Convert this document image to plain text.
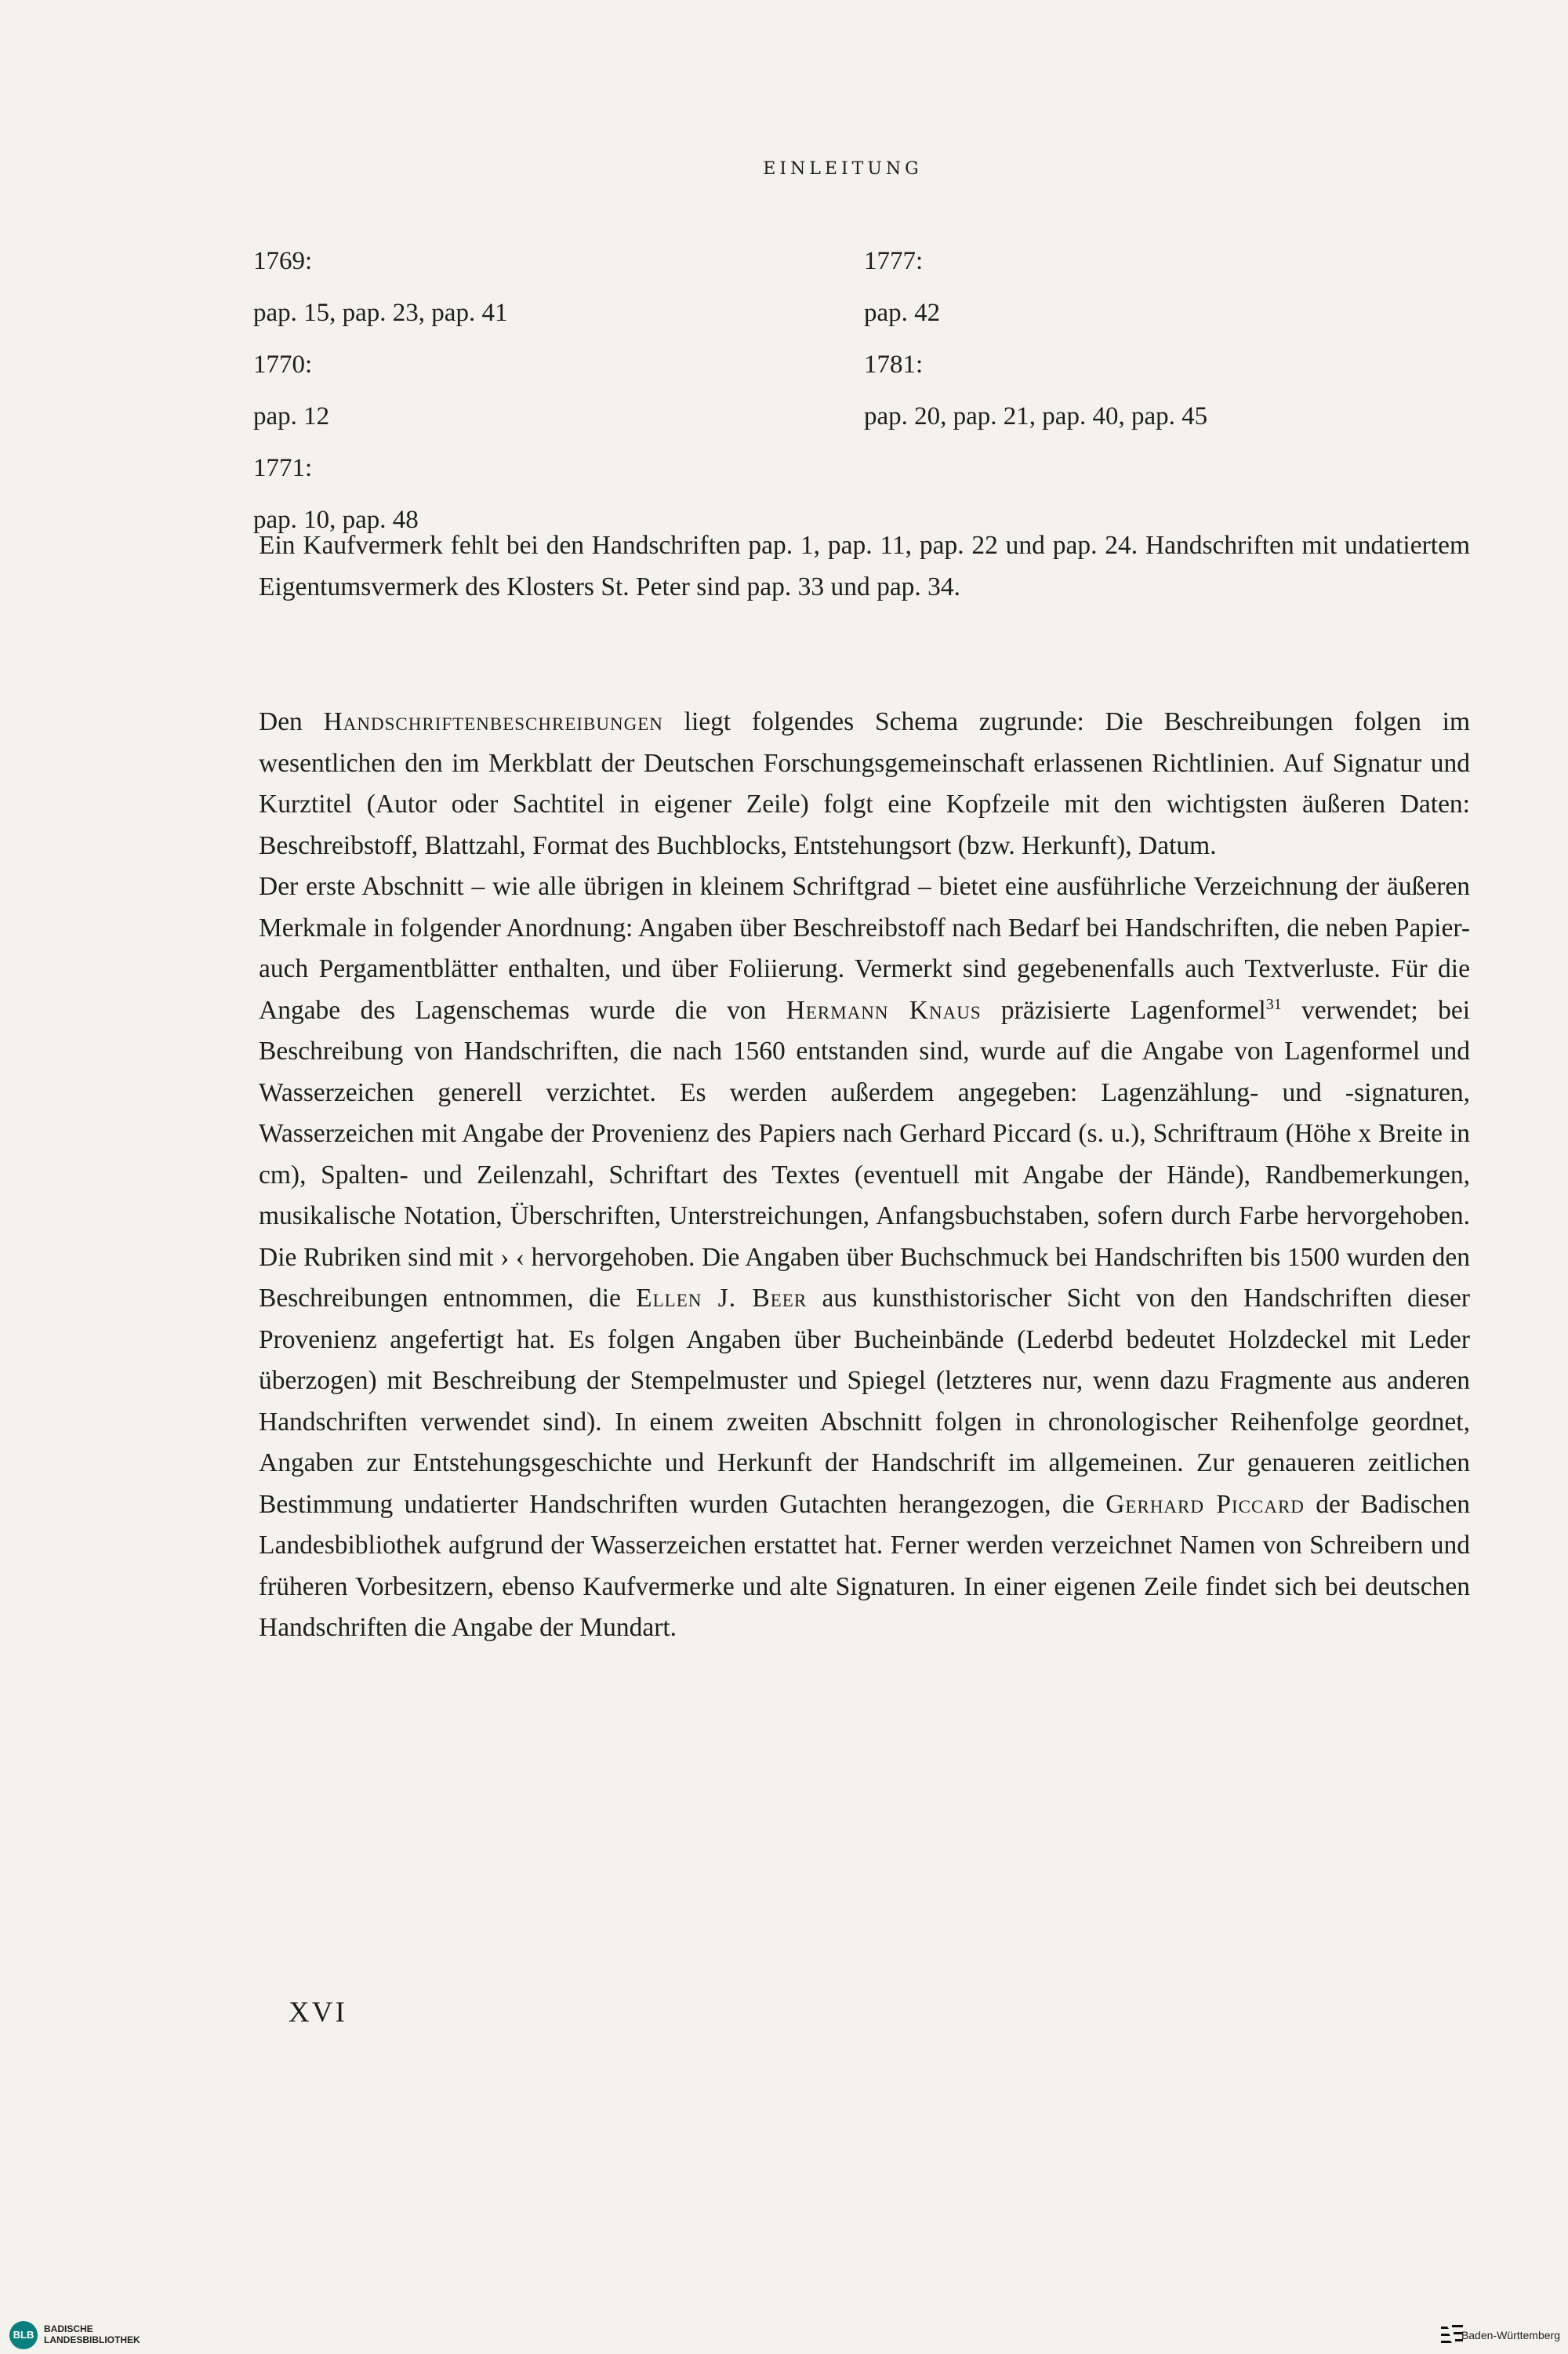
EINLEITUNG

1769:

pap. 15, pap. 23, pap. 41

1770:

pap. 12

1771:

pap. 10, pap. 48

1777:

pap. 42

1781:

pap. 20, pap. 21, pap. 40, pap. 45

Ein Kaufvermerk fehlt bei den Handschriften pap. 1, pap. 11, pap. 22 und pap. 24. Handschriften mit undatiertem Eigentumsvermerk des Klosters St. Peter sind pap. 33 und pap. 34.

Den Handschriftenbeschreibungen liegt folgendes Schema zugrunde: Die Beschreibungen folgen im wesentlichen den im Merkblatt der Deutschen Forschungsgemeinschaft erlassenen Richtlinien. Auf Signatur und Kurztitel (Autor oder Sachtitel in eigener Zeile) folgt eine Kopfzeile mit den wichtigsten äußeren Daten: Beschreibstoff, Blattzahl, Format des Buchblocks, Entstehungsort (bzw. Herkunft), Datum.

Der erste Abschnitt – wie alle übrigen in kleinem Schriftgrad – bietet eine ausführliche Verzeichnung der äußeren Merkmale in folgender Anordnung: Angaben über Beschreibstoff nach Bedarf bei Handschriften, die neben Papier- auch Pergamentblätter enthalten, und über Foliierung. Vermerkt sind gegebenenfalls auch Textverluste. Für die Angabe des Lagenschemas wurde die von Hermann Knaus präzisierte Lagenformel$^{31}$ verwendet; bei Beschreibung von Handschriften, die nach 1560 entstanden sind, wurde auf die Angabe von Lagenformel und Wasserzeichen generell verzichtet. Es werden außerdem angegeben: Lagenzählung- und -signaturen, Wasserzeichen mit Angabe der Provenienz des Papiers nach Gerhard Piccard (s. u.), Schriftraum (Höhe x Breite in cm), Spalten- und Zeilenzahl, Schriftart des Textes (eventuell mit Angabe der Hände), Randbemerkungen, musikalische Notation, Überschriften, Unterstreichungen, Anfangsbuchstaben, sofern durch Farbe hervorgehoben. Die Rubriken sind mit › ‹ hervorgehoben. Die Angaben über Buchschmuck bei Handschriften bis 1500 wurden den Beschreibungen entnommen, die Ellen J. Beer aus kunsthistorischer Sicht von den Handschriften dieser Provenienz angefertigt hat. Es folgen Angaben über Bucheinbände (Lederbd bedeutet Holzdeckel mit Leder überzogen) mit Beschreibung der Stempelmuster und Spiegel (letzteres nur, wenn dazu Fragmente aus anderen Handschriften verwendet sind). In einem zweiten Abschnitt folgen in chronologischer Reihenfolge geordnet, Angaben zur Entstehungsgeschichte und Herkunft der Handschrift im allgemeinen. Zur genaueren zeitlichen Bestimmung undatierter Handschriften wurden Gutachten herangezogen, die Gerhard Piccard der Badischen Landesbibliothek aufgrund der Wasserzeichen erstattet hat. Ferner werden verzeichnet Namen von Schreibern und früheren Vorbesitzern, ebenso Kaufvermerke und alte Signaturen. In einer eigenen Zeile findet sich bei deutschen Handschriften die Angabe der Mundart.

XVI
BLB	BADISCHE
LANDESBIBLIOTHEK	Baden-Württemberg
